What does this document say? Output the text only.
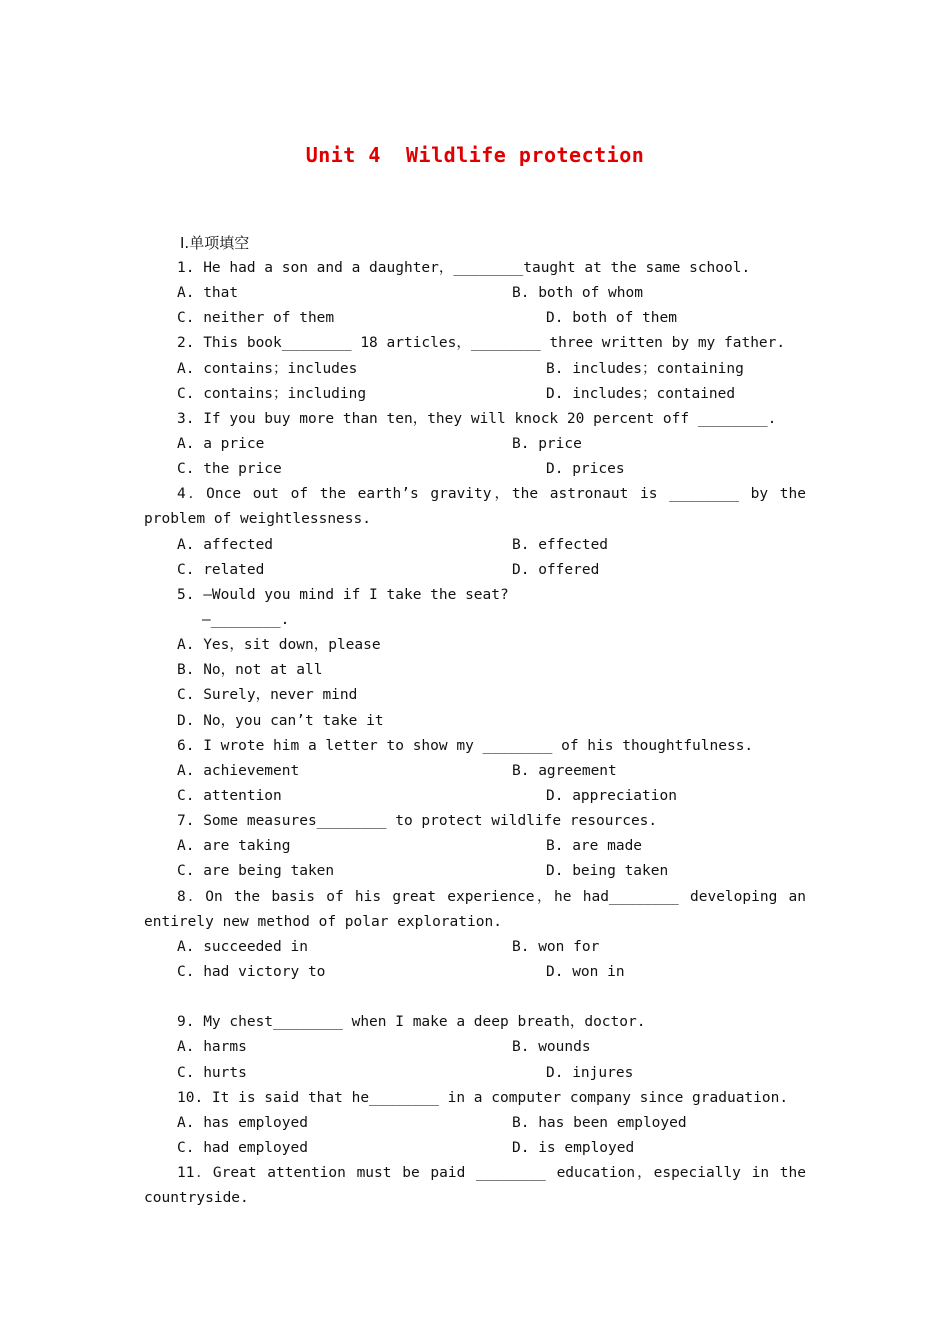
Unit 4  Wildlife protection
Ⅰ.单项填空
1. He had a son and a daughter，________taught at the same school.

A. that

	B. both of whom

C. neither of them

	D. both of them

2. This book________ 18 articles，________ three written by my father.

A. contains；includes

	B. includes；containing

C. contains；including

	D. includes；contained

3. If you buy more than ten，they will knock 20 percent off ________.

A. a price

	B. price

C. the price

	D. prices

4．Once out of the earth’s gravity，the astronaut is ________ by the
problem of weightlessness.

A. affected

	B. effected

C. related

	D. offered

5. —Would you mind if I take the seat?
—________.
A. Yes，sit down，please
B. No，not at all
C. Surely，never mind
D. No，you can’t take it
6. I wrote him a letter to show my ________ of his thoughtfulness.

A. achievement

	B. agreement

C. attention

	D. appreciation

7. Some measures________ to protect wildlife resources.

A. are taking

	B. are made

C. are being taken

	D. being taken

8．On the basis of his great experience，he had________ developing an
entirely new method of polar exploration.

A. succeeded in

	B. won for

C. had victory to

	D. won in

9. My chest________ when I make a deep breath，doctor.

A. harms

	B. wounds

C. hurts

	D. injures

10. It is said that he________ in a computer company since graduation.

A. has employed

	B. has been employed

C. had employed

	D. is employed

11．Great attention must be paid ________ education，especially in the
countryside.
